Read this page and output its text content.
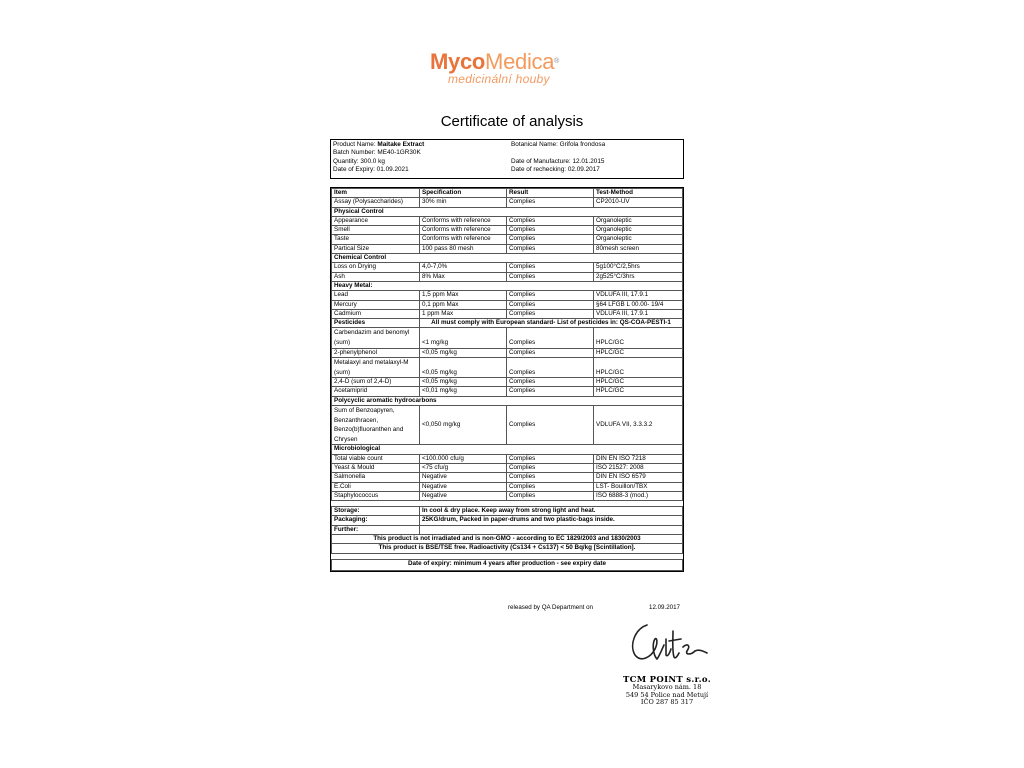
MycoMedica®
medicinální houby
Certificate of analysis
Product Name: Maitake Extract	Botanical Name: Grifola frondosa
Batch Number: ME40-1GR30K
Quantity: 300.0 kg	Date of Manufacture: 12.01.2015
Date of Expiry: 01.09.2021	Date of rechecking: 02.09.2017
Item	Specification	Result	Test-Method
Assay (Polysaccharides)	30% min	Complies	CP2010-UV
Physical Control			
Appearance	Conforms with reference	Complies	Organoleptic
Smell	Conforms with reference	Complies	Organoleptic
Taste	Conforms with reference	Complies	Organoleptic
Partical Size	100 pass 80 mesh	Complies	80mesh screen
Chemical Control			
Loss on Drying	4,0-7,0%	Complies	5g100°C/2,5hrs
Ash	8% Max	Complies	2g525°C/3hrs
Heavy Metal:			
Lead	1,5 ppm Max	Complies	VDLUFA III, 17.9.1
Mercury	0,1 ppm Max	Complies	§64 LFGB L 00.00- 19/4
Cadmium	1 ppm Max	Complies	VDLUFA III, 17.9.1
Pesticides	All must comply with European standard- List of pesticides in: QS-COA-PESTI-1		
Carbendazim and benomyl (sum)	<1 mg/kg	Complies	HPLC/GC
2-phenylphenol	<0,05 mg/kg	Complies	HPLC/GC
Metalaxyl and metalaxyl-M (sum)	<0,05 mg/kg	Complies	HPLC/GC
2,4-D (sum of 2,4-D)	<0,05 mg/kg	Complies	HPLC/GC
Acetamiprid	<0,01 mg/kg	Complies	HPLC/GC
Polycyclic aromatic hydrocarbons			
Sum of Benzoapyren, Benzanthracen, Benzo(b)fluoranthen and Chrysen	<0,050 mg/kg	Complies	VDLUFA VII, 3.3.3.2
Microbiological			
Total viable count	<100.000 cfu/g	Complies	DIN EN ISO 7218
Yeast & Mould	<75 cfu/g	Complies	ISO 21527: 2008
Salmonella	Negative	Complies	DIN EN ISO 6579
E.Coli	Negative	Complies	LST- Bouillon/TBX
Staphylococcus	Negative	Complies	ISO 6888-3 (mod.)

Storage:	In cool & dry place. Keep away from strong light and heat.		
Packaging:	25KG/drum, Packed in paper-drums and two plastic-bags inside.		
Further:			
This product is not irradiated and is non-GMO - according to EC 1829/2003 and 1830/2003			
This product is BSE/TSE free. Radioactivity (Cs134 + Cs137) < 50 Bq/kg [Scintillation].			

Date of expiry: minimum 4 years after production - see expiry date			
released by QA Department on	12.09.2017
TCM POINT s.r.o.
Masarykovo nám. 18
549 54 Police nad Metují
IČO 287 85 317
